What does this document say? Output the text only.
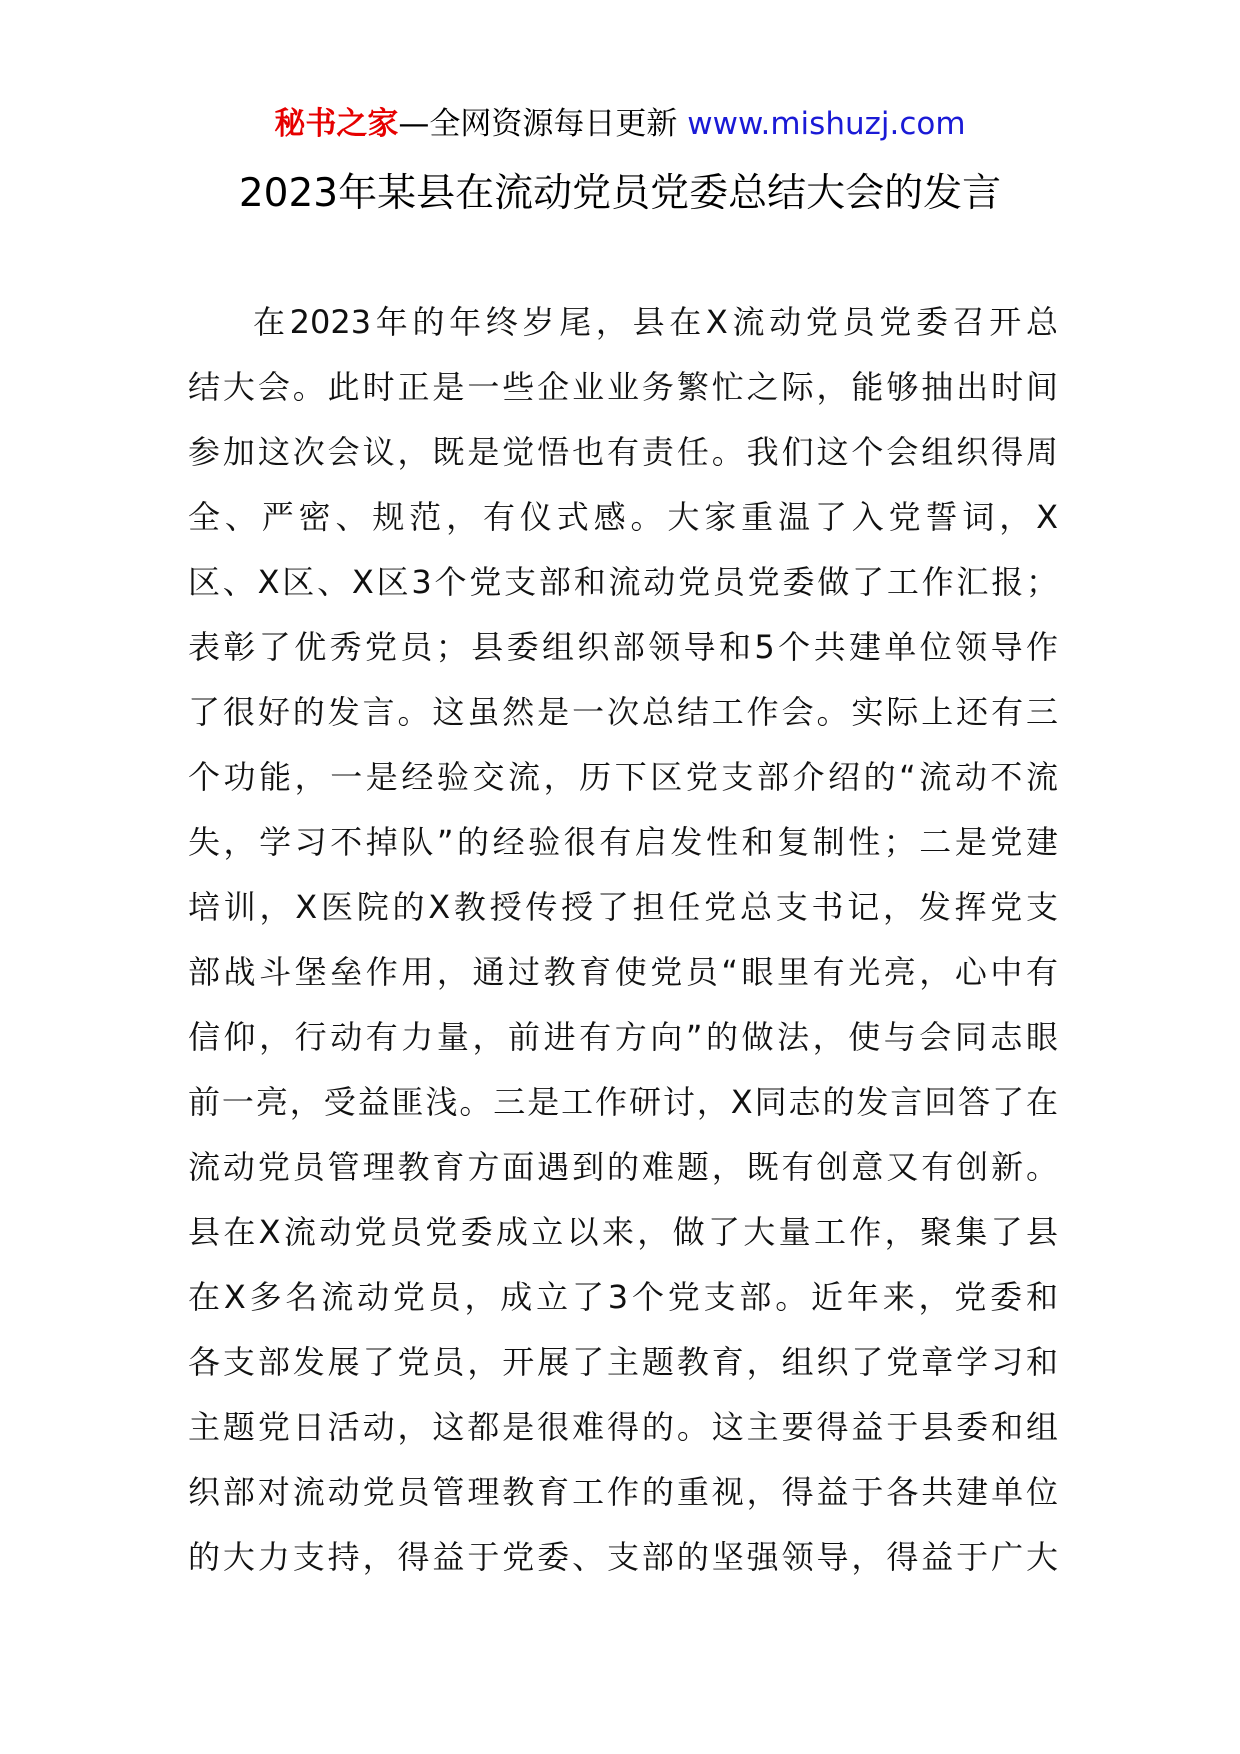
秘书之家—全网资源每日更新 www.mishuzj.com
2023年某县在流动党员党委总结大会的发言
在2023年的年终岁尾，县在X流动党员党委召开总
结大会。此时正是一些企业业务繁忙之际，能够抽出时间
参加这次会议，既是觉悟也有责任。我们这个会组织得周
全、严密、规范，有仪式感。大家重温了入党誓词，X
区、X区、X区3个党支部和流动党员党委做了工作汇报；
表彰了优秀党员；县委组织部领导和5个共建单位领导作
了很好的发言。这虽然是一次总结工作会。实际上还有三
个功能，一是经验交流，历下区党支部介绍的“流动不流
失，学习不掉队”的经验很有启发性和复制性；二是党建
培训，X医院的X教授传授了担任党总支书记，发挥党支
部战斗堡垒作用，通过教育使党员“眼里有光亮，心中有
信仰，行动有力量，前进有方向”的做法，使与会同志眼
前一亮，受益匪浅。三是工作研讨，X同志的发言回答了在
流动党员管理教育方面遇到的难题，既有创意又有创新。
县在X流动党员党委成立以来，做了大量工作，聚集了县
在X多名流动党员，成立了3个党支部。近年来，党委和
各支部发展了党员，开展了主题教育，组织了党章学习和
主题党日活动，这都是很难得的。这主要得益于县委和组
织部对流动党员管理教育工作的重视，得益于各共建单位
的大力支持，得益于党委、支部的坚强领导，得益于广大
